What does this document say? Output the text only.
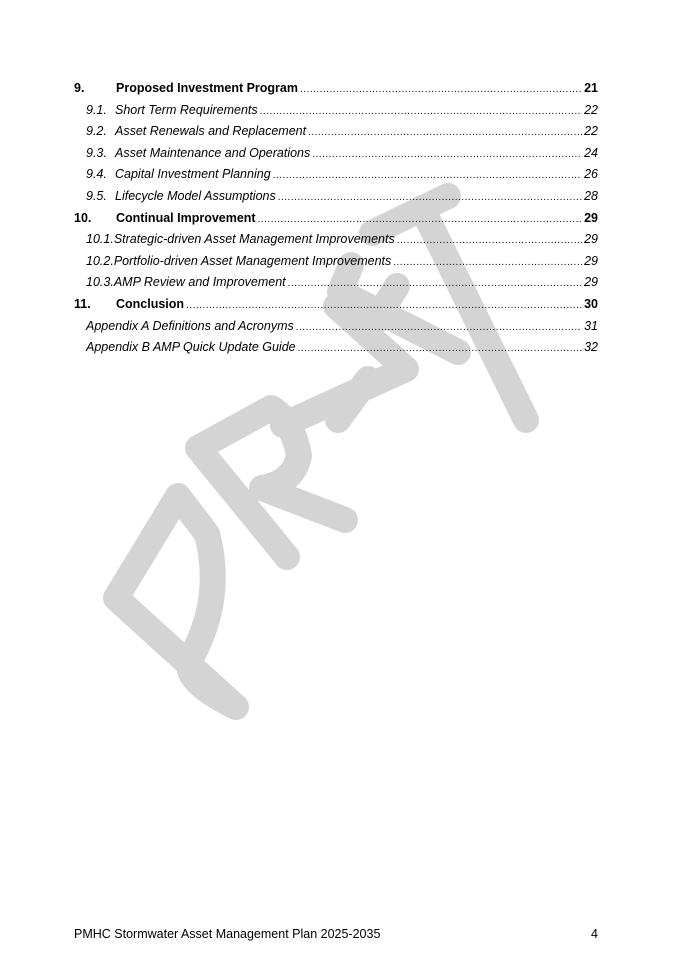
9.	Proposed Investment Program .....	21
9.1. Short Term Requirements .....	22
9.2. Asset Renewals and Replacement .....	22
9.3. Asset Maintenance and Operations .....	24
9.4. Capital Investment Planning .....	26
9.5. Lifecycle Model Assumptions .....	28
10.	Continual Improvement .....	29
10.1. Strategic-driven Asset Management Improvements .....	29
10.2. Portfolio-driven Asset Management Improvements .....	29
10.3. AMP Review and Improvement .....	29
11.	Conclusion .....	30
Appendix A Definitions and Acronyms .....	31
Appendix B AMP Quick Update Guide .....	32
PMHC Stormwater Asset Management Plan 2025-2035	4
